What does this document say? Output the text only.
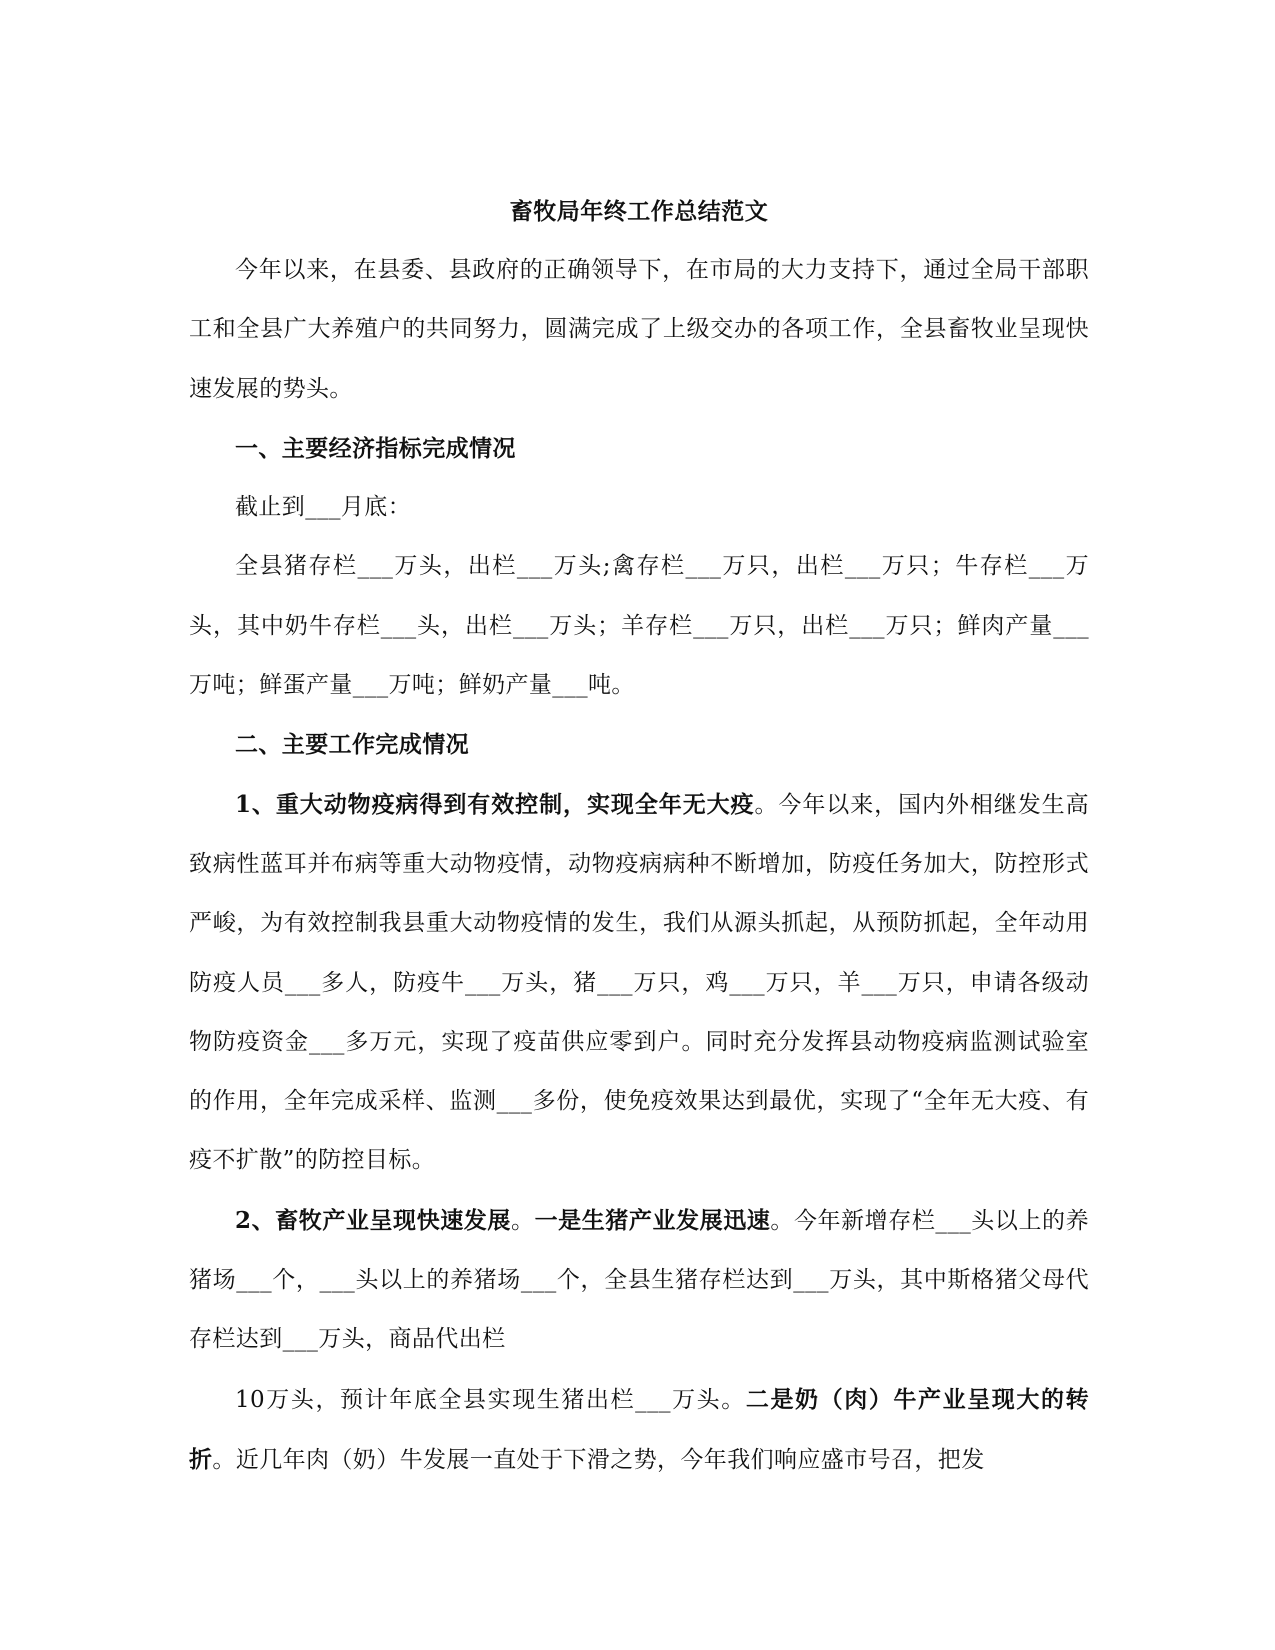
畜牧局年终工作总结范文

今年以来，在县委、县政府的正确领导下，在市局的大力支持下，通过全局干部职工和全县广大养殖户的共同努力，圆满完成了上级交办的各项工作，全县畜牧业呈现快速发展的势头。

一、主要经济指标完成情况

截止到___月底：

全县猪存栏___万头，出栏___万头;禽存栏___万只，出栏___万只；牛存栏___万头，其中奶牛存栏___头，出栏___万头；羊存栏___万只，出栏___万只；鲜肉产量___万吨；鲜蛋产量___万吨；鲜奶产量___吨。

二、主要工作完成情况

1、重大动物疫病得到有效控制，实现全年无大疫。今年以来，国内外相继发生高致病性蓝耳并布病等重大动物疫情，动物疫病病种不断增加，防疫任务加大，防控形式严峻，为有效控制我县重大动物疫情的发生，我们从源头抓起，从预防抓起，全年动用防疫人员___多人，防疫牛___万头，猪___万只，鸡___万只，羊___万只，申请各级动物防疫资金___多万元，实现了疫苗供应零到户。同时充分发挥县动物疫病监测试验室的作用，全年完成采样、监测___多份，使免疫效果达到最优，实现了“全年无大疫、有疫不扩散”的防控目标。

2、畜牧产业呈现快速发展。一是生猪产业发展迅速。今年新增存栏___头以上的养猪场___个，___头以上的养猪场___个，全县生猪存栏达到___万头，其中斯格猪父母代存栏达到___万头，商品代出栏

10万头，预计年底全县实现生猪出栏___万头。二是奶（肉）牛产业呈现大的转折。近几年肉（奶）牛发展一直处于下滑之势，今年我们响应盛市号召，把发
